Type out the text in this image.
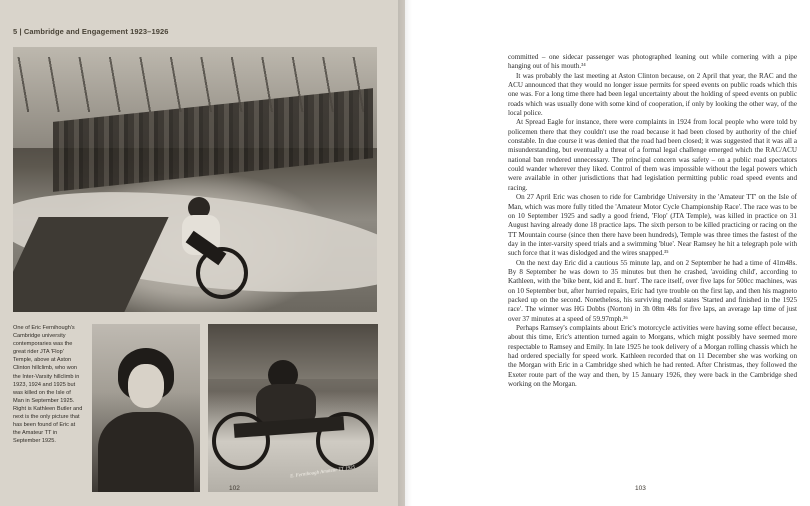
5 | Cambridge and Engagement 1923–1926
One of Eric Fernihough's Cambridge university contemporaries was the great rider JTA 'Flop' Temple, above at Aston Clinton hillclimb, who won the Inter-Varsity hillclimb in 1923, 1924 and 1925 but was killed on the Isle of Man in September 1925. Right is Kathleen Butler and next is the only picture that has been found of Eric at the Amateur TT in September 1925.
E. Fernihough Amateur TT 1925
102

committed – one sidecar passenger was photographed leaning out while cornering with a pipe hanging out of his mouth.³⁴

It was probably the last meeting at Aston Clinton because, on 2 April that year, the RAC and the ACU announced that they would no longer issue permits for speed events on public roads which this one was. For a long time there had been legal uncertainty about the holding of speed events on public roads which was usually done with some kind of cooperation, if only by looking the other way, of the local police.

At Spread Eagle for instance, there were complaints in 1924 from local people who were told by policemen there that they couldn't use the road because it had been closed by authority of the chief constable. In due course it was denied that the road had been closed; it was suggested that it was all a misunderstanding, but eventually a threat of a formal legal challenge emerged which the RAC/ACU national ban rendered unnecessary. The principal concern was safety – on a public road spectators could wander wherever they liked. Control of them was impossible without the legal powers which were available in other jurisdictions that had legislation permitting public road speed events and racing.

On 27 April Eric was chosen to ride for Cambridge University in the 'Amateur TT' on the Isle of Man, which was more fully titled the 'Amateur Motor Cycle Championship Race'. The race was to be on 10 September 1925 and sadly a good friend, 'Flop' (JTA Temple), was killed in practice on 31 August having already done 18 practice laps. The sixth person to be killed practicing or racing on the TT Mountain course (since then there have been hundreds), Temple was three times the fastest of the day in the inter-varsity speed trials and a swimming 'blue'. Near Ramsey he hit a telegraph pole with such force that it was dislodged and the wires snapped.³⁵

On the next day Eric did a cautious 55 minute lap, and on 2 September he had a time of 41m48s. By 8 September he was down to 35 minutes but then he crashed, 'avoiding child', according to Kathleen, with the 'bike bent, kid and E. hurt'. The race itself, over five laps for 500cc machines, was on 10 September but, after hurried repairs, Eric had tyre trouble on the first lap, and then his magneto packed up on the second. Nonetheless, his surviving medal states 'Started and finished in the 1925 race'. The winner was HG Dobbs (Norton) in 3h 08m 48s for five laps, an average lap time of just over 37 minutes at a speed of 59.97mph.³⁶

Perhaps Ramsey's complaints about Eric's motorcycle activities were having some effect because, about this time, Eric's attention turned again to Morgans, which might possibly have seemed more respectable to Ramsey and Emily. In late 1925 he took delivery of a Morgan rolling chassis which he had ordered specially for speed work. Kathleen recorded that on 11 December she was working on the Morgan with Eric in a Cambridge shed which he had rented. After Christmas, they followed the Exeter route part of the way and then, by 15 January 1926, they were back in the Cambridge shed working on the Morgan.

103
